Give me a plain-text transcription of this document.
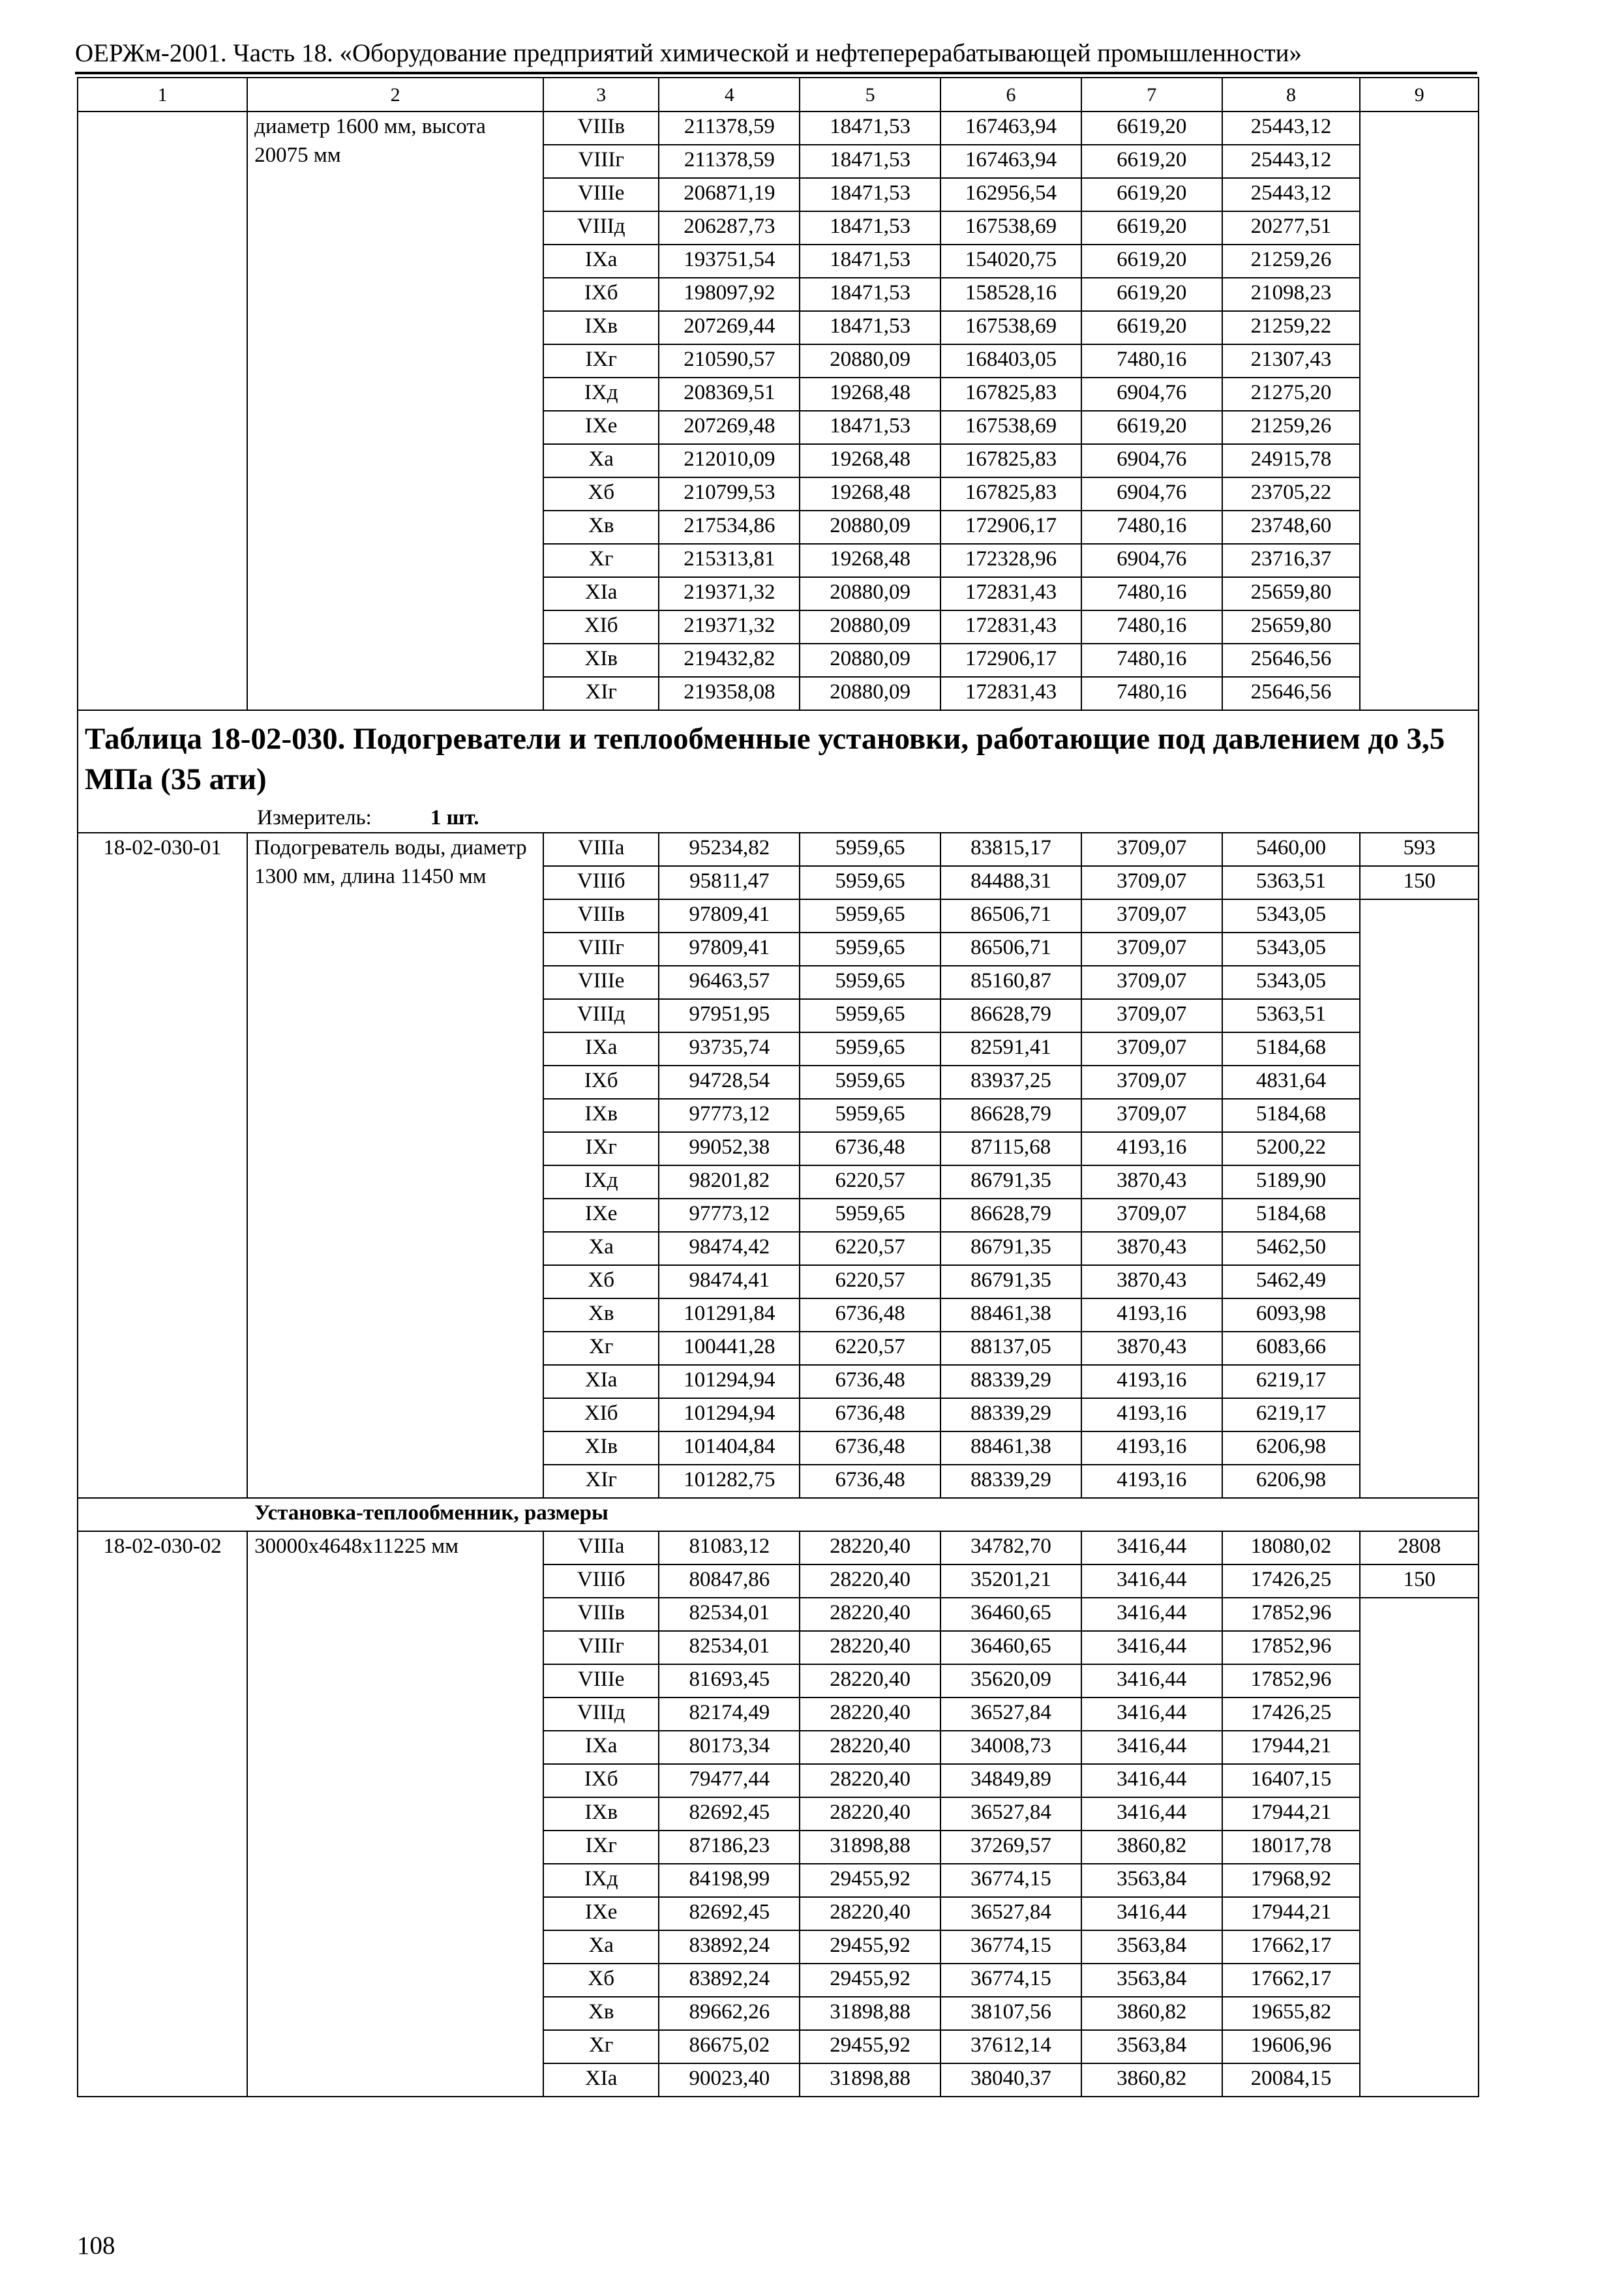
ОЕРЖм-2001. Часть 18. «Оборудование предприятий химической и нефтеперерабатывающей промышленности»
1	2	3	4	5	6	7	8	9
	диаметр 1600 мм, высота 20075 мм	VIIIв	211378,59	18471,53	167463,94	6619,20	25443,12	
		VIIIг	211378,59	18471,53	167463,94	6619,20	25443,12	
		VIIIе	206871,19	18471,53	162956,54	6619,20	25443,12	
		VIIIд	206287,73	18471,53	167538,69	6619,20	20277,51	
		IXа	193751,54	18471,53	154020,75	6619,20	21259,26	
		IXб	198097,92	18471,53	158528,16	6619,20	21098,23	
		IXв	207269,44	18471,53	167538,69	6619,20	21259,22	
		IXг	210590,57	20880,09	168403,05	7480,16	21307,43	
		IXд	208369,51	19268,48	167825,83	6904,76	21275,20	
		IXе	207269,48	18471,53	167538,69	6619,20	21259,26	
		Xа	212010,09	19268,48	167825,83	6904,76	24915,78	
		Xб	210799,53	19268,48	167825,83	6904,76	23705,22	
		Xв	217534,86	20880,09	172906,17	7480,16	23748,60	
		Xг	215313,81	19268,48	172328,96	6904,76	23716,37	
		XIа	219371,32	20880,09	172831,43	7480,16	25659,80	
		XIб	219371,32	20880,09	172831,43	7480,16	25659,80	
		XIв	219432,82	20880,09	172906,17	7480,16	25646,56	
		XIг	219358,08	20880,09	172831,43	7480,16	25646,56	

Таблица 18-02-030. Подогреватели и теплообменные установки, работающие под давлением до 3,5 МПа (35 ати)
Измеритель: 1 шт.								

18-02-030-01	Подогреватель воды, диаметр 1300 мм, длина 11450 мм	VIIIа	95234,82	5959,65	83815,17	3709,07	5460,00	593
		VIIIб	95811,47	5959,65	84488,31	3709,07	5363,51	150
		VIIIв	97809,41	5959,65	86506,71	3709,07	5343,05	
		VIIIг	97809,41	5959,65	86506,71	3709,07	5343,05	
		VIIIе	96463,57	5959,65	85160,87	3709,07	5343,05	
		VIIIд	97951,95	5959,65	86628,79	3709,07	5363,51	
		IXа	93735,74	5959,65	82591,41	3709,07	5184,68	
		IXб	94728,54	5959,65	83937,25	3709,07	4831,64	
		IXв	97773,12	5959,65	86628,79	3709,07	5184,68	
		IXг	99052,38	6736,48	87115,68	4193,16	5200,22	
		IXд	98201,82	6220,57	86791,35	3870,43	5189,90	
		IXе	97773,12	5959,65	86628,79	3709,07	5184,68	
		Xа	98474,42	6220,57	86791,35	3870,43	5462,50	
		Xб	98474,41	6220,57	86791,35	3870,43	5462,49	
		Xв	101291,84	6736,48	88461,38	4193,16	6093,98	
		Xг	100441,28	6220,57	88137,05	3870,43	6083,66	
		XIа	101294,94	6736,48	88339,29	4193,16	6219,17	
		XIб	101294,94	6736,48	88339,29	4193,16	6219,17	
		XIв	101404,84	6736,48	88461,38	4193,16	6206,98	
		XIг	101282,75	6736,48	88339,29	4193,16	6206,98	
Установка-теплообменник, размеры								
18-02-030-02	30000х4648х11225 мм	VIIIа	81083,12	28220,40	34782,70	3416,44	18080,02	2808
		VIIIб	80847,86	28220,40	35201,21	3416,44	17426,25	150
		VIIIв	82534,01	28220,40	36460,65	3416,44	17852,96	
		VIIIг	82534,01	28220,40	36460,65	3416,44	17852,96	
		VIIIе	81693,45	28220,40	35620,09	3416,44	17852,96	
		VIIIд	82174,49	28220,40	36527,84	3416,44	17426,25	
		IXа	80173,34	28220,40	34008,73	3416,44	17944,21	
		IXб	79477,44	28220,40	34849,89	3416,44	16407,15	
		IXв	82692,45	28220,40	36527,84	3416,44	17944,21	
		IXг	87186,23	31898,88	37269,57	3860,82	18017,78	
		IXд	84198,99	29455,92	36774,15	3563,84	17968,92	
		IXе	82692,45	28220,40	36527,84	3416,44	17944,21	
		Xа	83892,24	29455,92	36774,15	3563,84	17662,17	
		Xб	83892,24	29455,92	36774,15	3563,84	17662,17	
		Xв	89662,26	31898,88	38107,56	3860,82	19655,82	
		Xг	86675,02	29455,92	37612,14	3563,84	19606,96	
		XIа	90023,40	31898,88	38040,37	3860,82	20084,15	
108
